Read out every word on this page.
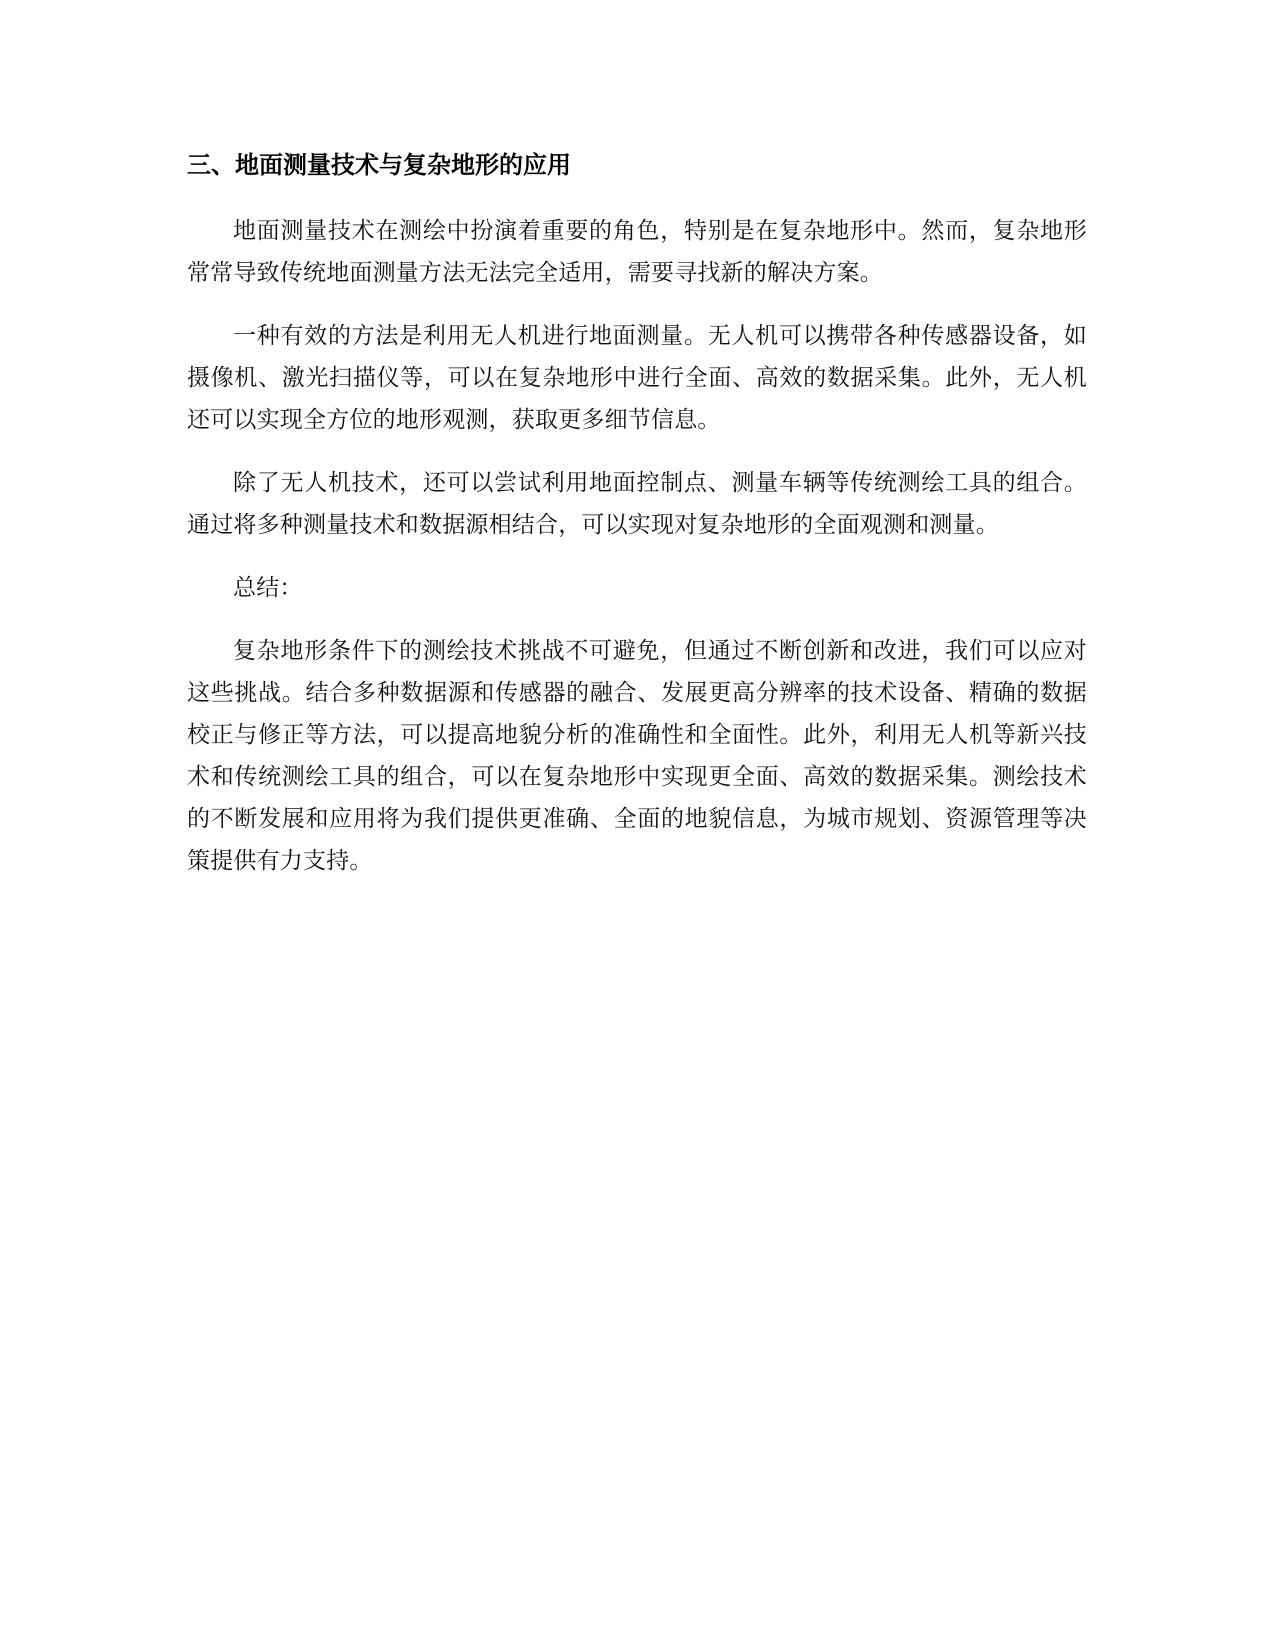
三、地面测量技术与复杂地形的应用

地面测量技术在测绘中扮演着重要的角色，特别是在复杂地形中。然而，复杂地形常常导致传统地面测量方法无法完全适用，需要寻找新的解决方案。

一种有效的方法是利用无人机进行地面测量。无人机可以携带各种传感器设备，如摄像机、激光扫描仪等，可以在复杂地形中进行全面、高效的数据采集。此外，无人机还可以实现全方位的地形观测，获取更多细节信息。

除了无人机技术，还可以尝试利用地面控制点、测量车辆等传统测绘工具的组合。通过将多种测量技术和数据源相结合，可以实现对复杂地形的全面观测和测量。

总结：

复杂地形条件下的测绘技术挑战不可避免，但通过不断创新和改进，我们可以应对这些挑战。结合多种数据源和传感器的融合、发展更高分辨率的技术设备、精确的数据校正与修正等方法，可以提高地貌分析的准确性和全面性。此外，利用无人机等新兴技术和传统测绘工具的组合，可以在复杂地形中实现更全面、高效的数据采集。测绘技术的不断发展和应用将为我们提供更准确、全面的地貌信息，为城市规划、资源管理等决策提供有力支持。
